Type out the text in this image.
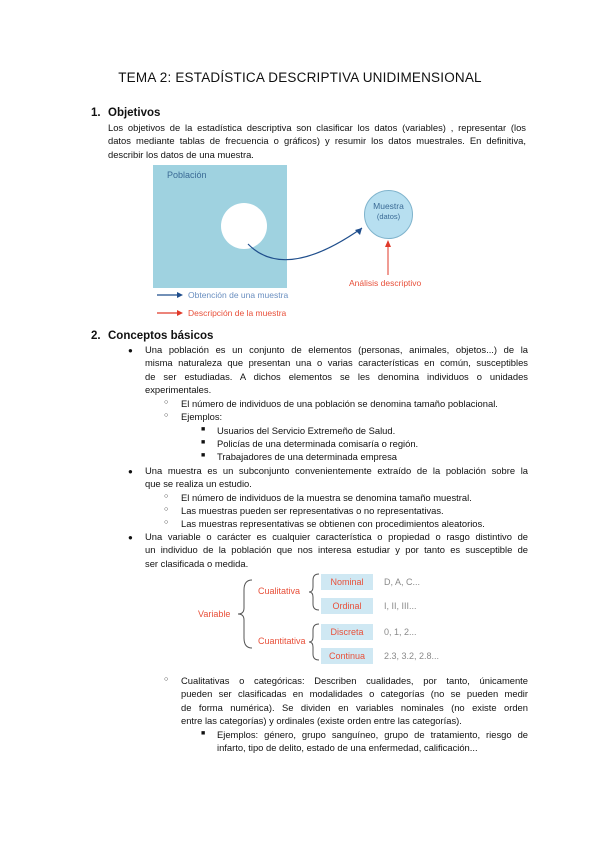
TEMA 2: ESTADÍSTICA DESCRIPTIVA UNIDIMENSIONAL
1. Objetivos
Los objetivos de la estadística descriptiva son clasificar los datos (variables) , representar (los
datos mediante tablas de frecuencia o gráficos) y resumir los datos muestrales. En definitiva,
describir los datos de una muestra.
Población
Muestra
(datos)
Análisis descriptivo
Obtención de una muestra
Descripción de la muestra
2. Conceptos básicos
● Una población es un conjunto de elementos (personas, animales, objetos...) de la
misma naturaleza que presentan una o varias características en común, susceptibles
de ser estudiadas. A dichos elementos se les denomina individuos o unidades
experimentales.
○ El número de individuos de una población se denomina tamaño poblacional.
○ Ejemplos:
■ Usuarios del Servicio Extremeño de Salud.
■ Policías de una determinada comisaría o región.
■ Trabajadores de una determinada empresa
● Una muestra es un subconjunto convenientemente extraído de la población sobre la
que se realiza un estudio.
○ El número de individuos de la muestra se denomina tamaño muestral.
○ Las muestras pueden ser representativas o no representativas.
○ Las muestras representativas se obtienen con procedimientos aleatorios.
● Una variable o carácter es cualquier característica o propiedad o rasgo distintivo de
un individuo de la población que nos interesa estudiar y por tanto es susceptible de
ser clasificada o medida.
Variable
Cualitativa
Cuantitativa
Nominal	D, A, C...
Ordinal	I, II, III...
Discreta	0, 1, 2...
Continua	2.3, 3.2, 2.8...
○ Cualitativas o categóricas: Describen cualidades, por tanto, únicamente
pueden ser clasificadas en modalidades o categorías (no se pueden medir
de forma numérica). Se dividen en variables nominales (no existe orden
entre las categorías) y ordinales (existe orden entre las categorías).
■ Ejemplos: género, grupo sanguíneo, grupo de tratamiento, riesgo de
infarto, tipo de delito, estado de una enfermedad, calificación...
